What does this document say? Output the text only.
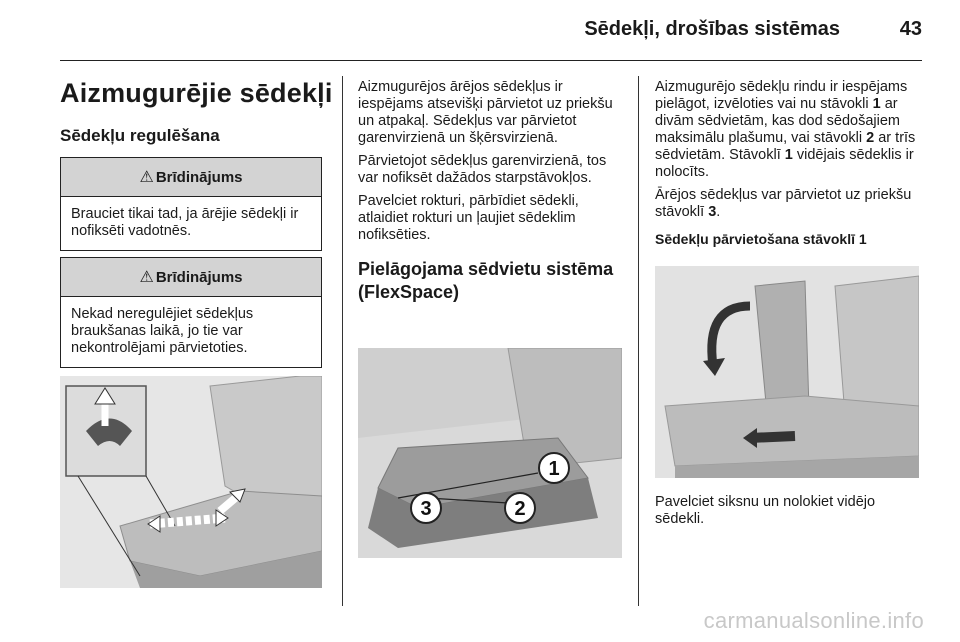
Sēdekļi, drošības sistēmas	43
Aizmugurējie sēdekļi
Sēdekļu regulēšana
⚠ Brīdinājums
Brauciet tikai tad, ja ārējie sēdekļi ir nofiksēti vadotnēs.
⚠ Brīdinājums
Nekad neregulējiet sēdekļus braukšanas laikā, jo tie var nekontrolējami pārvietoties.

Aizmugurējos ārējos sēdekļus ir iespējams atsevišķi pārvietot uz priekšu un atpakaļ. Sēdekļus var pārvietot garenvirzienā un šķērsvirzienā.

Pārvietojot sēdekļus garenvirzienā, tos var nofiksēt dažādos starpstāvokļos.

Pavelciet rokturi, pārbīdiet sēdekli, atlaidiet rokturi un ļaujiet sēdeklim nofiksēties.

Pielāgojama sēdvietu sistēma (FlexSpace)
1
2
3

Aizmugurējo sēdekļu rindu ir iespējams pielāgot, izvēloties vai nu stāvokli 1 ar divām sēdvietām, kas dod sēdošajiem maksimālu plašumu, vai stāvokli 2 ar trīs sēdvietām. Stāvoklī 1 vidējais sēdeklis ir nolocīts.

Ārējos sēdekļus var pārvietot uz priekšu stāvoklī 3.

Sēdekļu pārvietošana stāvoklī 1

Pavelciet siksnu un nolokiet vidējo sēdekli.

carmanualsonline.info
